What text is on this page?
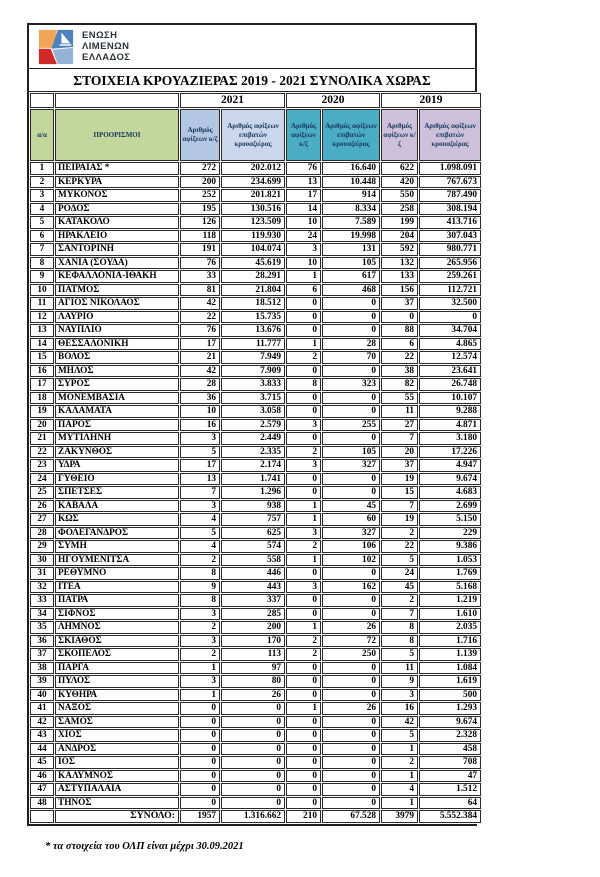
ΕΝΩΣΗ
ΛΙΜΕΝΩΝ
ΕΛΛΑΔΟΣ
ΣΤΟΙΧΕΙΑ ΚΡΟΥΑΖΙΕΡΑΣ 2019 - 2021 ΣΥΝΟΛΙΚΑ ΧΩΡΑΣ
		2021		2020		2019	
α/α	ΠΡΟΟΡΙΣΜΟΙ	Αριθμός αφίξεων κ/ζ	Αριθμός αφίξεων επιβατών κρουαζιέρας	Αριθμός αφίξεων κ/ζ	Αριθμός αφίξεων επιβατών κρουαζιέρας	Αριθμός αφίξεων κ/ζ	Αριθμός αφίξεων επιβατών κρουαζιέρας
1	ΠΕΙΡΑΙΑΣ *	272	202.012	76	16.640	622	1.098.091
2	ΚΕΡΚΥΡΑ	200	234.699	13	10.448	420	767.673
3	ΜΥΚΟΝΟΣ	252	201.821	17	914	550	787.490
4	ΡΟΔΟΣ	195	130.516	14	8.334	258	308.194
5	ΚΑΤΑΚΟΛΟ	126	123.509	10	7.589	199	413.716
6	ΗΡΑΚΛΕΙΟ	118	119.930	24	19.998	204	307.043
7	ΣΑΝΤΟΡΙΝΗ	191	104.074	3	131	592	980.771
8	ΧΑΝΙΑ (ΣΟΥΔΑ)	76	45.619	10	105	132	265.956
9	ΚΕΦΑΛΛΟΝΙΑ-ΙΘΑΚΗ	33	28.291	1	617	133	259.261
10	ΠΑΤΜΟΣ	81	21.804	6	468	156	112.721
11	ΑΓΙΟΣ ΝΙΚΟΛΑΟΣ	42	18.512	0	0	37	32.500
12	ΛΑΥΡΙΟ	22	15.735	0	0	0	0
13	ΝΑΥΠΛΙΟ	76	13.676	0	0	88	34.704
14	ΘΕΣΣΑΛΟΝΙΚΗ	17	11.777	1	28	6	4.865
15	ΒΟΛΟΣ	21	7.949	2	70	22	12.574
16	ΜΗΛΟΣ	42	7.909	0	0	38	23.641
17	ΣΥΡΟΣ	28	3.833	8	323	82	26.748
18	ΜΟΝΕΜΒΑΣΙΑ	36	3.715	0	0	55	10.107
19	ΚΑΛΑΜΑΤΑ	10	3.058	0	0	11	9.288
20	ΠΑΡΟΣ	16	2.579	3	255	27	4.871
21	ΜΥΤΙΛΗΝΗ	3	2.449	0	0	7	3.180
22	ΖΑΚΥΝΘΟΣ	5	2.335	2	105	20	17.226
23	ΥΔΡΑ	17	2.174	3	327	37	4.947
24	ΓΥΘΕΙΟ	13	1.741	0	0	19	9.674
25	ΣΠΕΤΣΕΣ	7	1.296	0	0	15	4.683
26	ΚΑΒΑΛΑ	3	938	1	45	7	2.699
27	ΚΩΣ	4	757	1	60	19	5.150
28	ΦΟΛΕΓΑΝΔΡΟΣ	5	625	3	327	2	229
29	ΣΥΜΗ	4	574	2	106	22	9.386
30	ΗΓΟΥΜΕΝΙΤΣΑ	2	558	1	102	5	1.053
31	ΡΕΘΥΜΝΟ	8	446	0	0	24	1.769
32	ΙΤΕΑ	9	443	3	162	45	5.168
33	ΠΑΤΡΑ	8	337	0	0	2	1.219
34	ΣΙΦΝΟΣ	3	285	0	0	7	1.610
35	ΛΗΜΝΟΣ	2	200	1	26	8	2.035
36	ΣΚΙΑΘΟΣ	3	170	2	72	8	1.716
37	ΣΚΟΠΕΛΟΣ	2	113	2	250	5	1.139
38	ΠΑΡΓΑ	1	97	0	0	11	1.084
39	ΠΥΛΟΣ	3	80	0	0	9	1.619
40	ΚΥΘΗΡΑ	1	26	0	0	3	500
41	ΝΑΞΟΣ	0	0	1	26	16	1.293
42	ΣΑΜΟΣ	0	0	0	0	42	9.674
43	ΧΙΟΣ	0	0	0	0	5	2.328
44	ΑΝΔΡΟΣ	0	0	0	0	1	458
45	ΙΟΣ	0	0	0	0	2	708
46	ΚΑΛΥΜΝΟΣ	0	0	0	0	1	47
47	ΑΣΤΥΠΑΛΑΙΑ	0	0	0	0	4	1.512
48	ΤΗΝΟΣ	0	0	0	0	1	64
	ΣΥΝΟΛΟ:	1957	1.316.662	210	67.528	3979	5.552.384
* τα στοιχεία του ΟΛΠ είναι μέχρι 30.09.2021
